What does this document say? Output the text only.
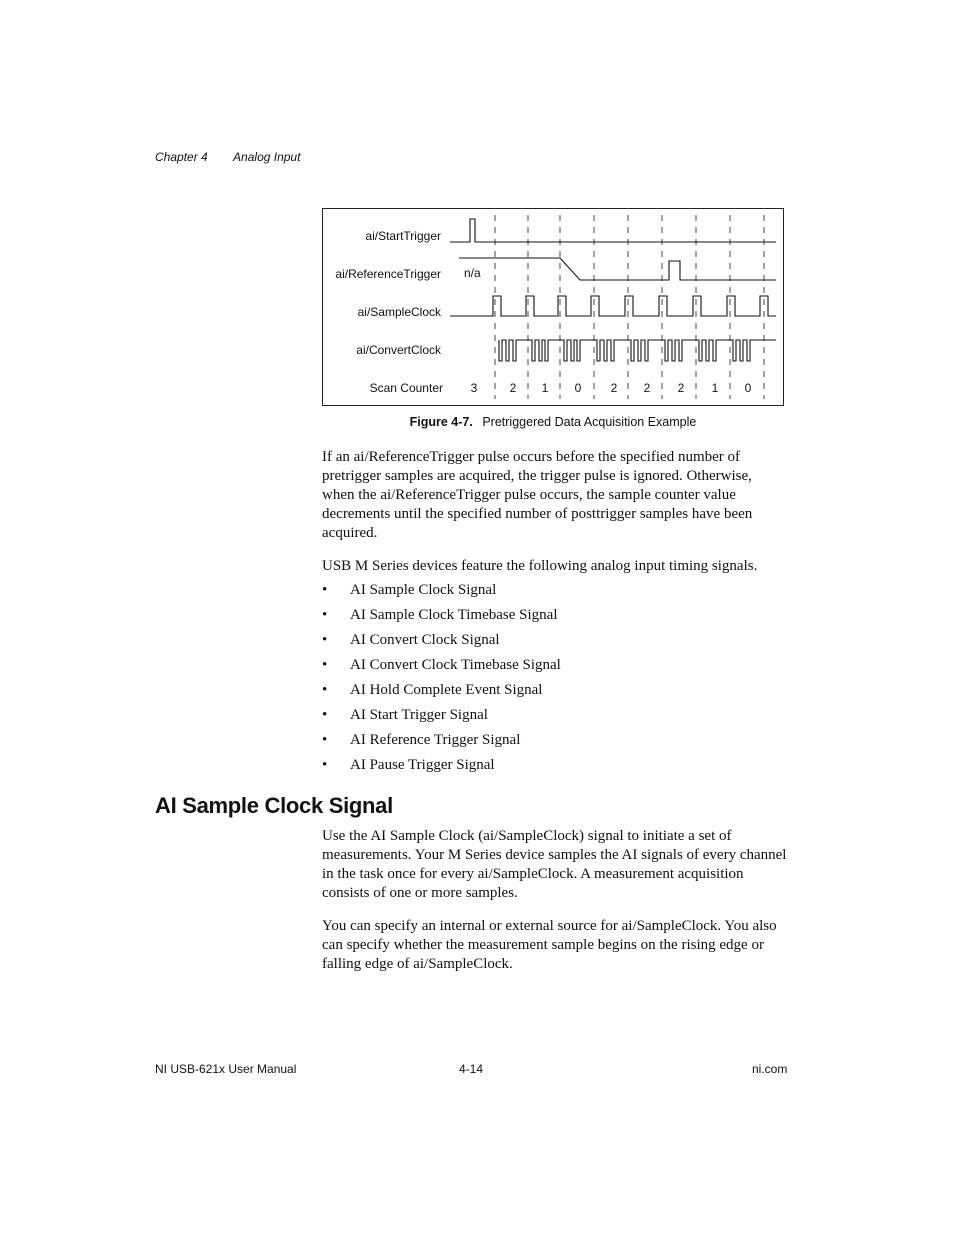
Chapter 4 Analog Input
ai/StartTrigger
ai/ReferenceTrigger
ai/SampleClock
ai/ConvertClock
Scan Counter
n/a
3	2 1 0 2 2 2 1 0
Figure 4-7. Pretriggered Data Acquisition Example

If an ai/ReferenceTrigger pulse occurs before the specified number of pretrigger samples are acquired, the trigger pulse is ignored. Otherwise, when the ai/ReferenceTrigger pulse occurs, the sample counter value decrements until the specified number of posttrigger samples have been acquired.

USB M Series devices feature the following analog input timing signals.

• AI Sample Clock Signal
• AI Sample Clock Timebase Signal
• AI Convert Clock Signal
• AI Convert Clock Timebase Signal
• AI Hold Complete Event Signal
• AI Start Trigger Signal
• AI Reference Trigger Signal
• AI Pause Trigger Signal
AI Sample Clock Signal

Use the AI Sample Clock (ai/SampleClock) signal to initiate a set of measurements. Your M Series device samples the AI signals of every channel in the task once for every ai/SampleClock. A measurement acquisition consists of one or more samples.

You can specify an internal or external source for ai/SampleClock. You also can specify whether the measurement sample begins on the rising edge or falling edge of ai/SampleClock.

NI USB-621x User Manual	4-14	ni.com
